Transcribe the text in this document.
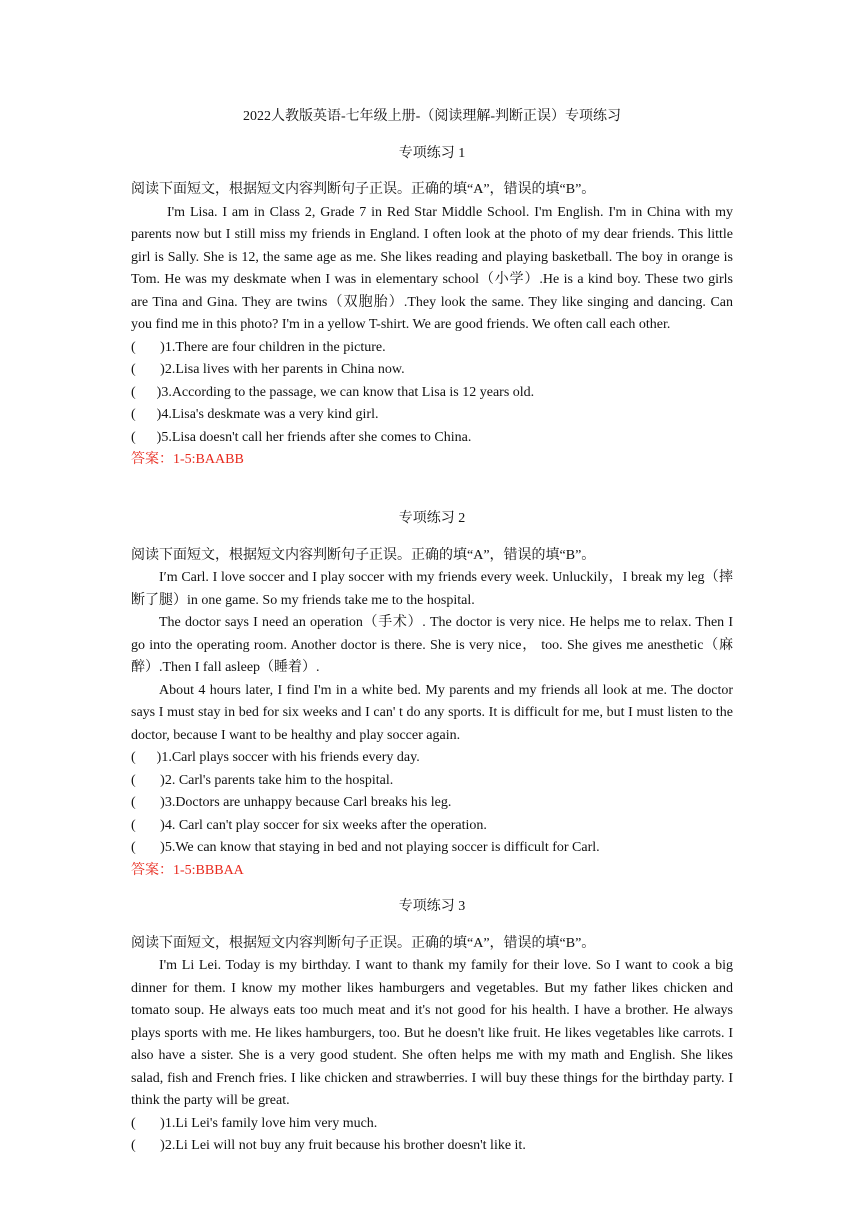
2022人教版英语-七年级上册-（阅读理解-判断正误）专项练习

专项练习 1

阅读下面短文，根据短文内容判断句子正误。正确的填“A”，错误的填“B”。

I'm Lisa. I am in Class 2, Grade 7 in Red Star Middle School. I'm English. I'm in China with my parents now but I still miss my friends in England. I often look at the photo of my dear friends. This little girl is Sally. She is 12, the same age as me. She likes reading and playing basketball. The boy in orange is Tom. He was my deskmate when I was in elementary school（小学）.He is a kind boy. These two girls are Tina and Gina. They are twins（双胞胎）.They look the same. They like singing and dancing. Can you find me in this photo? I'm in a yellow T-shirt. We are good friends. We often call each other.

(       )1.There are four children in the picture.

(       )2.Lisa lives with her parents in China now.

(      )3.According to the passage, we can know that Lisa is 12 years old.

(      )4.Lisa's deskmate was a very kind girl.

(      )5.Lisa doesn't call her friends after she comes to China.

答案：1-5:BAABB

专项练习 2

阅读下面短文，根据短文内容判断句子正误。正确的填“A”，错误的填“B”。

I′m Carl. I love soccer and I play soccer with my friends every week. Unluckily，I break my leg（摔断了腿）in one game. So my friends take me to the hospital.

The doctor says I need an operation（手术）. The doctor is very nice. He helps me to relax. Then I go into the operating room. Another doctor is there. She is very nice， too. She gives me anesthetic（麻醉）.Then I fall asleep（睡着）.

About 4 hours later, I find I'm in a white bed. My parents and my friends all look at me. The doctor says I must stay in bed for six weeks and I can' t do any sports. It is difficult for me, but I must listen to the doctor, because I want to be healthy and play soccer again.

(      )1.Carl plays soccer with his friends every day.

(       )2. Carl's parents take him to the hospital.

(       )3.Doctors are unhappy because Carl breaks his leg.

(       )4. Carl can't play soccer for six weeks after the operation.

(       )5.We can know that staying in bed and not playing soccer is difficult for Carl.

答案：1-5:BBBAA

专项练习 3

阅读下面短文，根据短文内容判断句子正误。正确的填“A”，错误的填“B”。

I'm Li Lei. Today is my birthday. I want to thank my family for their love. So I want to cook a big dinner for them. I know my mother likes hamburgers and vegetables. But my father likes chicken and tomato soup. He always eats too much meat and it's not good for his health. I have a brother. He always plays sports with me. He likes hamburgers, too. But he doesn't like fruit. He likes vegetables like carrots. I also have a sister. She is a very good student. She often helps me with my math and English. She likes salad, fish and French fries. I like chicken and strawberries. I will buy these things for the birthday party. I think the party will be great.

(       )1.Li Lei's family love him very much.

(       )2.Li Lei will not buy any fruit because his brother doesn't like it.
